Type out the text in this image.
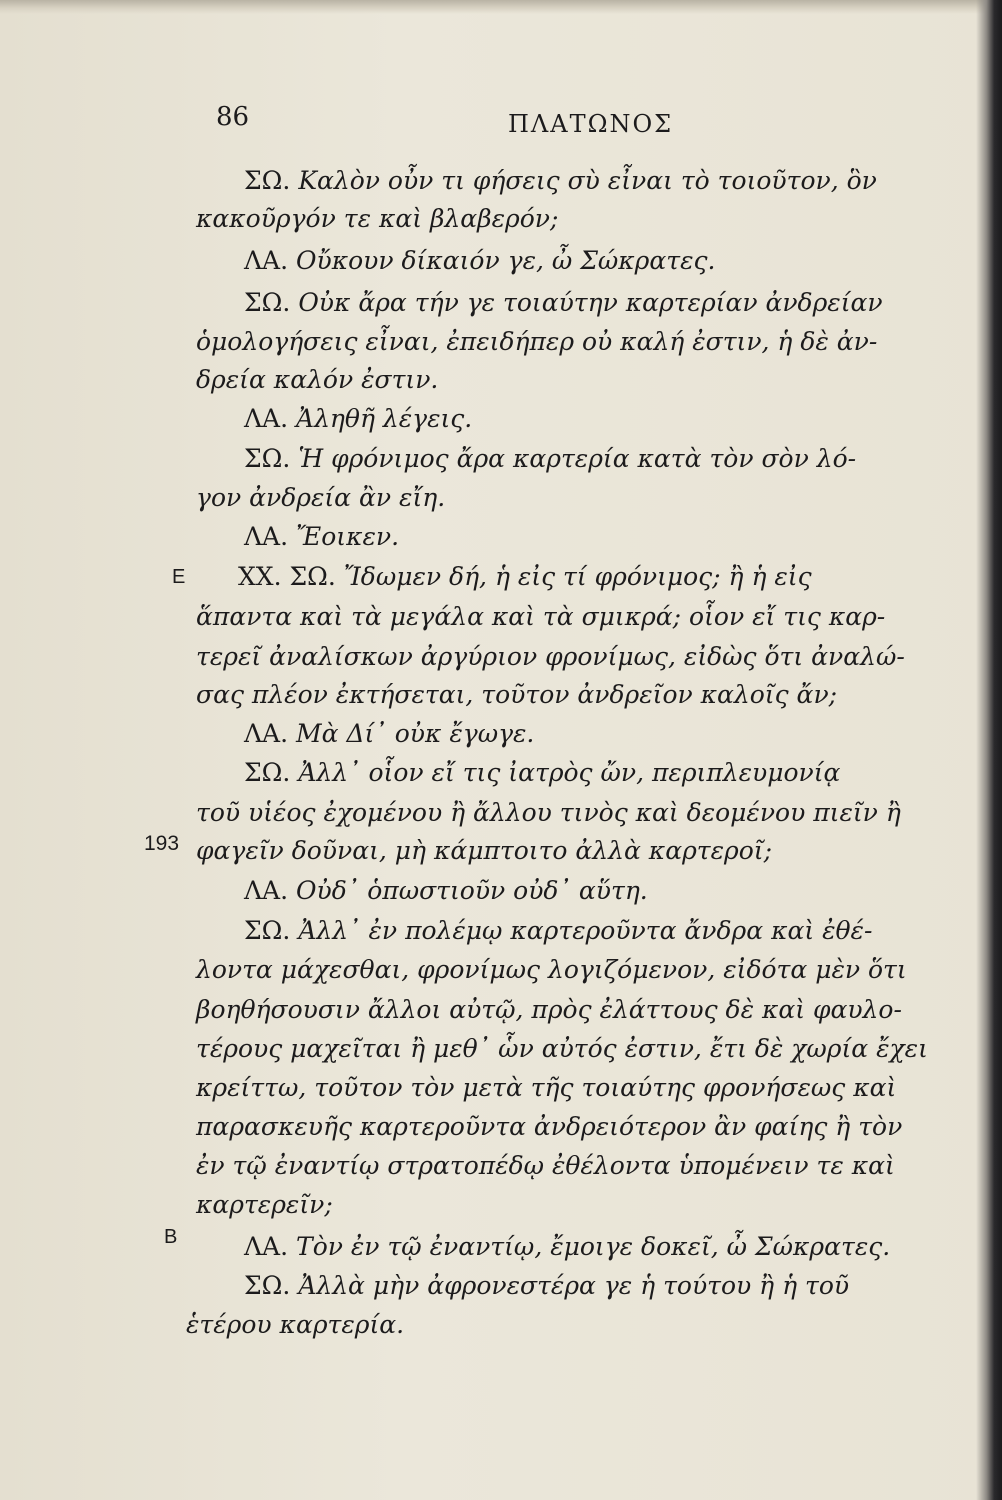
86	ΠΛΑΤΩΝΟΣ
E
193
B
ΣΩ. Καλὸν οὖν τι φήσεις σὺ εἶναι τὸ τοιοῦτον, ὃν
κακοῦργόν τε καὶ βλαβερόν;
ΛΑ. Οὔκουν δίκαιόν γε, ὦ Σώκρατες.
ΣΩ. Οὐκ ἄρα τήν γε τοιαύτην καρτερίαν ἀνδρείαν
ὁμολογήσεις εἶναι, ἐπειδήπερ οὐ καλή ἐστιν, ἡ δὲ ἀν-
δρεία καλόν ἐστιν.
ΛΑ. Ἀληθῆ λέγεις.
ΣΩ. Ἡ φρόνιμος ἄρα καρτερία κατὰ τὸν σὸν λό-
γον ἀνδρεία ἂν εἴη.
ΛΑ. Ἔοικεν.
XX. ΣΩ. Ἴδωμεν δή, ἡ εἰς τί φρόνιμος; ἢ ἡ εἰς
ἅπαντα καὶ τὰ μεγάλα καὶ τὰ σμικρά; οἷον εἴ τις καρ-
τερεῖ ἀναλίσκων ἀργύριον φρονίμως, εἰδὼς ὅτι ἀναλώ-
σας πλέον ἐκτήσεται, τοῦτον ἀνδρεῖον καλοῖς ἄν;
ΛΑ. Μὰ Δί᾿ οὐκ ἔγωγε.
ΣΩ. Ἀλλ᾿ οἷον εἴ τις ἰατρὸς ὤν, περιπλευμονίᾳ
τοῦ υἱέος ἐχομένου ἢ ἄλλου τινὸς καὶ δεομένου πιεῖν ἢ
φαγεῖν δοῦναι, μὴ κάμπτοιτο ἀλλὰ καρτεροῖ;
ΛΑ. Οὐδ᾿ ὁπωστιοῦν οὐδ᾿ αὕτη.
ΣΩ. Ἀλλ᾿ ἐν πολέμῳ καρτεροῦντα ἄνδρα καὶ ἐθέ-
λοντα μάχεσθαι, φρονίμως λογιζόμενον, εἰδότα μὲν ὅτι
βοηθήσουσιν ἄλλοι αὐτῷ, πρὸς ἐλάττους δὲ καὶ φαυλο-
τέρους μαχεῖται ἢ μεθ᾿ ὧν αὐτός ἐστιν, ἔτι δὲ χωρία ἔχει
κρείττω, τοῦτον τὸν μετὰ τῆς τοιαύτης φρονήσεως καὶ
παρασκευῆς καρτεροῦντα ἀνδρειότερον ἂν φαίης ἢ τὸν
ἐν τῷ ἐναντίῳ στρατοπέδῳ ἐθέλοντα ὑπομένειν τε καὶ
καρτερεῖν;
ΛΑ. Τὸν ἐν τῷ ἐναντίῳ, ἔμοιγε δοκεῖ, ὦ Σώκρατες.
ΣΩ. Ἀλλὰ μὴν ἀφρονεστέρα γε ἡ τούτου ἢ ἡ τοῦ
ἑτέρου καρτερία.
